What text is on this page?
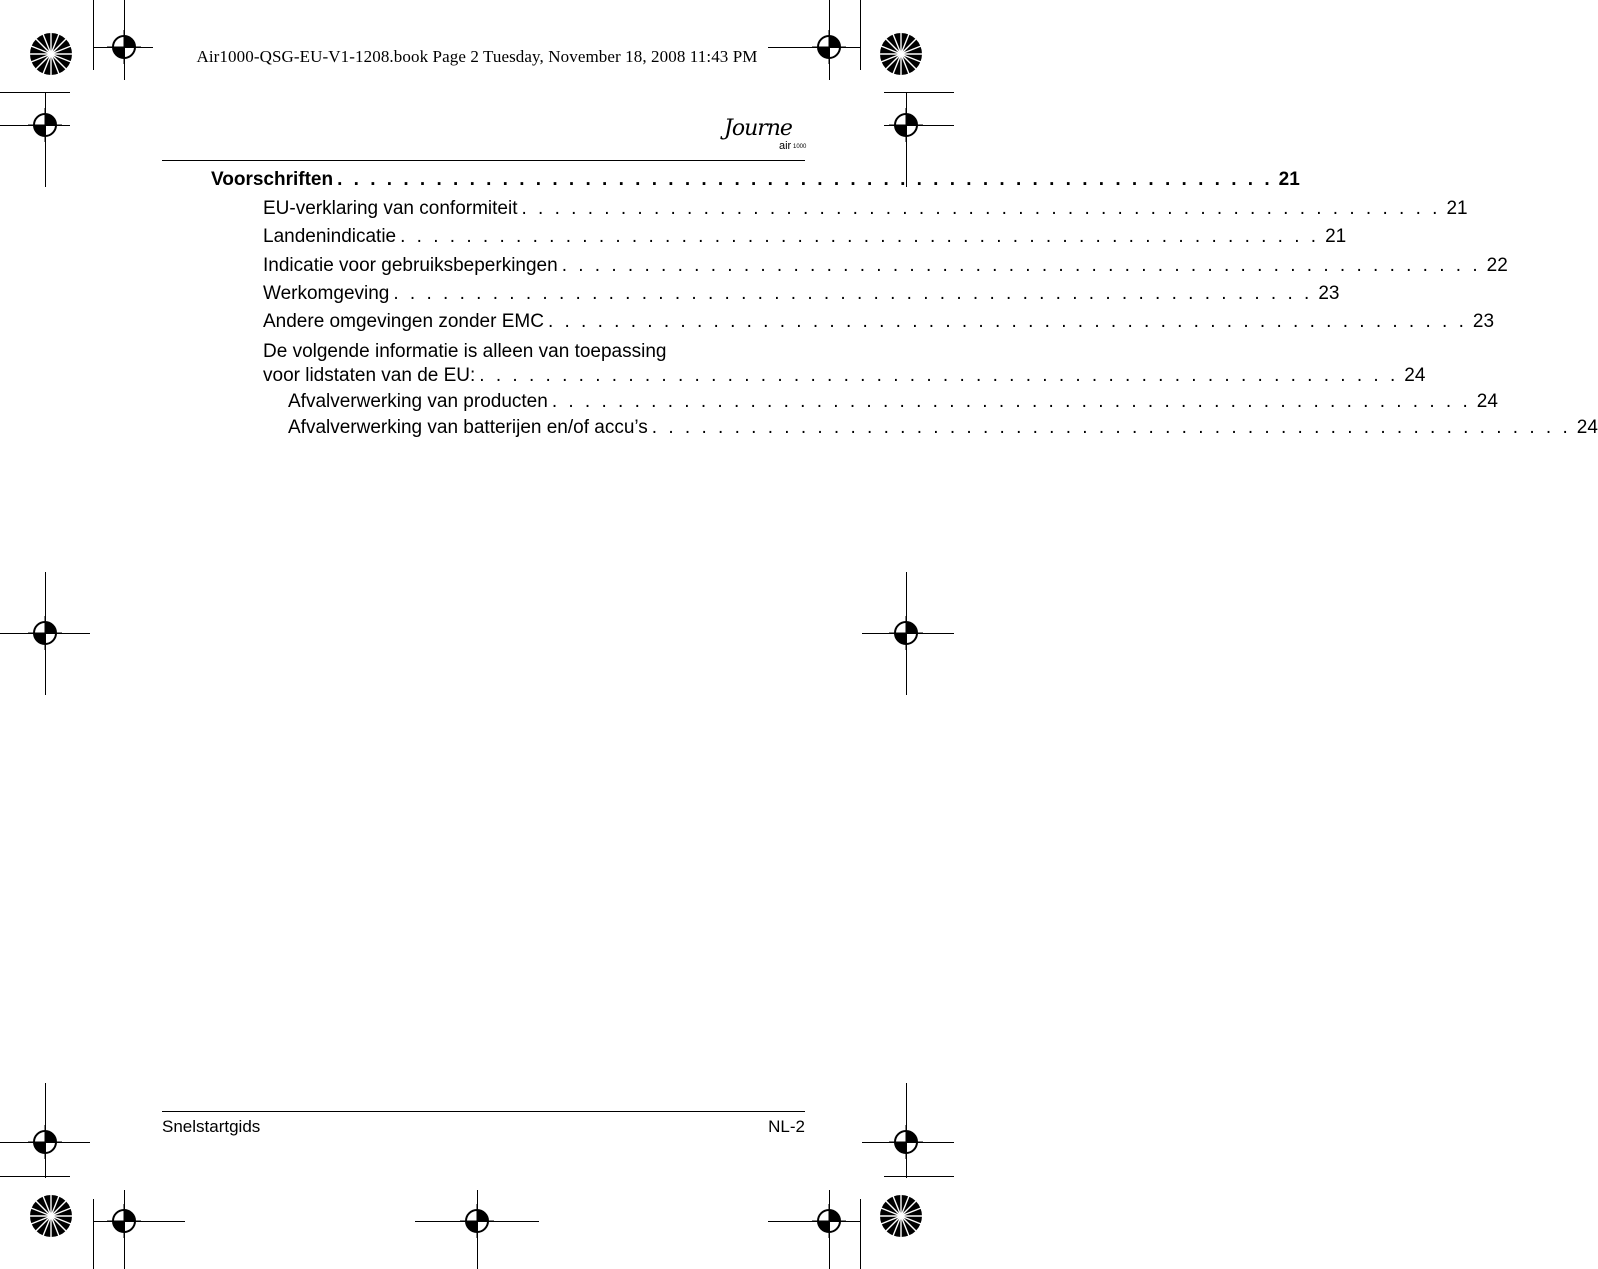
Air1000-QSG-EU-V1-1208.book Page 2 Tuesday, November 18, 2008 11:43 PM
Journe
air 1000
Voorschriften . . . . . . . . . . . . . . . . . . . . . . . . . . . . . . . . . . . . . . . . . . . . . . . . . . . . . . . . . 21
EU-verklaring van conformiteit . . . . . . . . . . . . . . . . . . . . . . . . . . . . . . . . . . . . . . . . . . . . . . . . . . . . . . . . 21
Landenindicatie . . . . . . . . . . . . . . . . . . . . . . . . . . . . . . . . . . . . . . . . . . . . . . . . . . . . . . . . 21
Indicatie voor gebruiksbeperkingen . . . . . . . . . . . . . . . . . . . . . . . . . . . . . . . . . . . . . . . . . . . . . . . . . . . . . . . . 22
Werkomgeving . . . . . . . . . . . . . . . . . . . . . . . . . . . . . . . . . . . . . . . . . . . . . . . . . . . . . . . . 23
Andere omgevingen zonder EMC . . . . . . . . . . . . . . . . . . . . . . . . . . . . . . . . . . . . . . . . . . . . . . . . . . . . . . . . 23
De volgende informatie is alleen van toepassing
voor lidstaten van de EU: . . . . . . . . . . . . . . . . . . . . . . . . . . . . . . . . . . . . . . . . . . . . . . . . . . . . . . . . 24
Afvalverwerking van producten . . . . . . . . . . . . . . . . . . . . . . . . . . . . . . . . . . . . . . . . . . . . . . . . . . . . . . . . 24
Afvalverwerking van batterijen en/of accu’s . . . . . . . . . . . . . . . . . . . . . . . . . . . . . . . . . . . . . . . . . . . . . . . . . . . . . . . . 24
Snelstartgids	NL-2
